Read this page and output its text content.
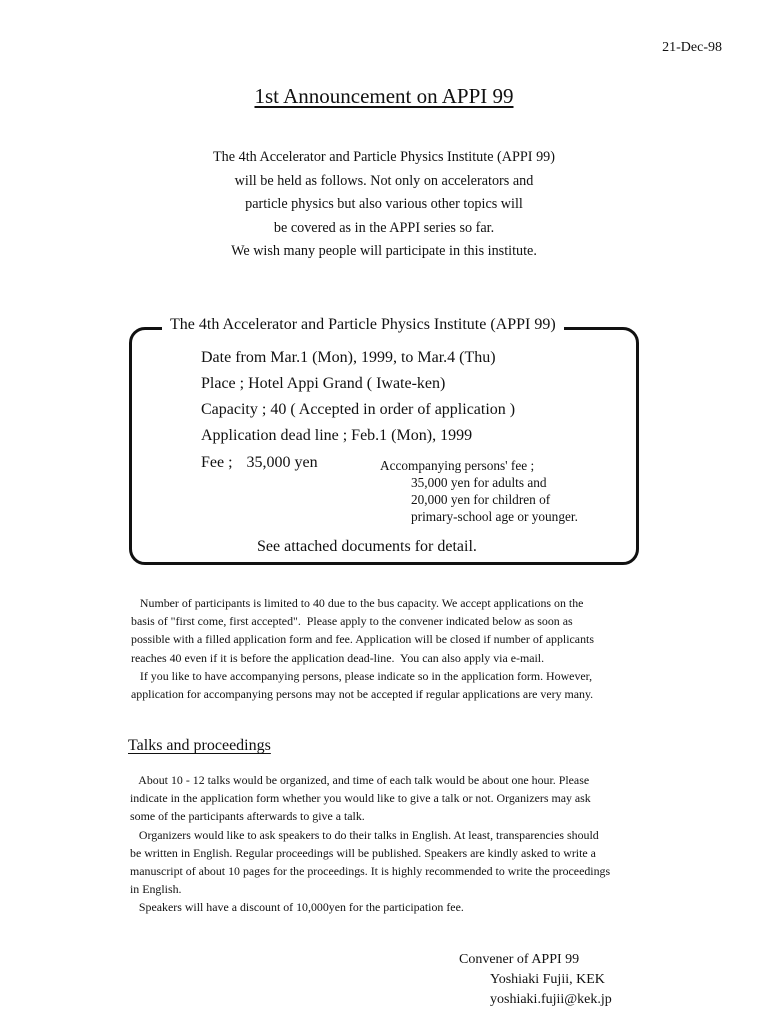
21-Dec-98
1st Announcement on APPI 99
The 4th Accelerator and Particle Physics Institute (APPI 99)
will be held as follows. Not only on accelerators and
particle physics but also various other topics will
be covered as in the APPI series so far.
We wish many people will participate in this institute.
The 4th Accelerator and Particle Physics Institute (APPI 99)
Date from Mar.1 (Mon), 1999, to Mar.4 (Thu)
Place ; Hotel Appi Grand ( Iwate-ken)
Capacity ; 40 ( Accepted in order of application )
Application dead line ; Feb.1 (Mon), 1999
Fee ; 35,000 yen	Accompanying persons' fee ;
35,000 yen for adults and
20,000 yen for children of
primary-school age or younger.
See attached documents for detail.
Number of participants is limited to 40 due to the bus capacity. We accept applications on the
basis of "first come, first accepted".  Please apply to the convener indicated below as soon as
possible with a filled application form and fee. Application will be closed if number of applicants
reaches 40 even if it is before the application dead-line.  You can also apply via e-mail.
If you like to have accompanying persons, please indicate so in the application form. However,
application for accompanying persons may not be accepted if regular applications are very many.
Talks and proceedings
About 10 - 12 talks would be organized, and time of each talk would be about one hour. Please
indicate in the application form whether you would like to give a talk or not. Organizers may ask
some of the participants afterwards to give a talk.
Organizers would like to ask speakers to do their talks in English. At least, transparencies should
be written in English. Regular proceedings will be published. Speakers are kindly asked to write a
manuscript of about 10 pages for the proceedings. It is highly recommended to write the proceedings
in English.
Speakers will have a discount of 10,000yen for the participation fee.
Convener of APPI 99
Yoshiaki Fujii, KEK
yoshiaki.fujii@kek.jp
